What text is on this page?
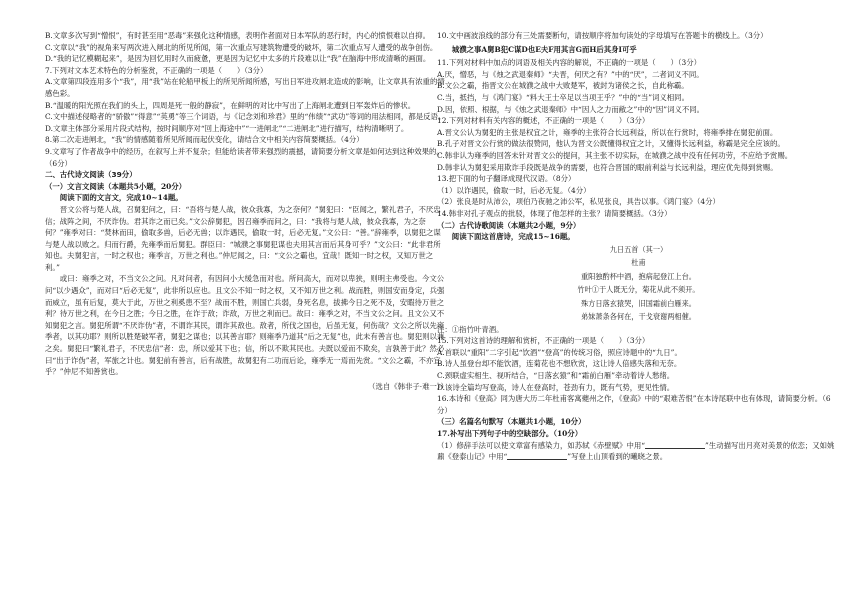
B.文章多次写到“憎恨”，有时甚至用“恶毒”来强化这种情感，表明作者面对日本军队的恶行时，内心的愤恨难以自抑。

C.文章以“我”的视角来写两次进入闸北的所见所闻，第一次重点写建筑物遭受的破坏，第二次重点写人遭受的战争创伤。

D.“我的记忆模糊起来”，是因为回忆用时久而疲惫，更是因为记忆中太多的片段难以让“我”在脑海中形成清晰的画面。

7.下列对文本艺术特色的分析鉴赏，不正确的一项是（　　）（3分）

A.文章第四段连用多个“我”，用“我”站在轮船甲板上的所见所闻所感，写出日军进攻闸北造成的影响，让文章具有浓重的情感色彩。

B.“温暖的阳光照在我们的头上，四周是死一般的静寂”，在鲜明的对比中写出了上海闸北遭到日军轰炸后的惨状。

C.文中描述侵略者的“骄傲”“得意”“英勇”等三个词语，与《记念刘和珍君》里的“伟绩”“武功”等词的用法相同，都是反语。

D.文章主体部分采用片段式结构，按时间顺序对“回上海途中”“一进闸北”“二进闸北”进行描写，结构清晰明了。

8.第二次走进闸北，“我”的情感随着所见所闻而起伏变化，请结合文中相关内容简要概括。（4分）

9.文章写了作者战争中的经历，在叙写上并不复杂；但能给读者带来强烈的震撼，请简要分析文章是如何达到这种效果的。（6分）

二、古代诗文阅读（39分）

（一）文言文阅读（本题共5小题，20分）

阅读下面的文言文，完成10~14题。

晋文公将与楚人战，召舅犯问之，曰：“吾将与楚人战，彼众我寡，为之奈何？”舅犯曰：“臣闻之，繁礼君子，不厌忠信；战阵之间，不厌诈伪。君其诈之而已矣。”文公辞舅犯，因召雍季而问之，曰：“我将与楚人战，彼众我寡，为之奈何？”雍季对曰：“焚林而田，偷取多兽，后必无兽；以诈遇民，偷取一时，后必无复。”文公曰：“善。”辞雍季，以舅犯之谋与楚人战以败之。归而行爵，先雍季而后舅犯。群臣曰：“城濮之事舅犯谋也夫用其言而后其身可乎？”文公曰：“此非君所知也。夫舅犯言，一时之权也；雍季言，万世之利也。”仲尼闻之，曰：“文公之霸也，宜哉！既知一时之权，又知万世之利。”

或曰：雍季之对，不当文公之问。凡对问者，有因问小大缓急而对也。所问高大，而对以卑狭，则明主弗受也。今文公问“以少遇众”，而对曰“后必无复”，此非所以应也。且文公不知一时之权，又不知万世之利。战而胜，则国安而身定，兵强而威立，虽有后复，莫大于此，万世之利奚患不至？战而不胜，则国亡兵弱，身死名息，拔拂今日之死不及，安暇待万世之利？待万世之利，在今日之胜；今日之胜，在诈于敌；诈敌，万世之利而已。故曰：雍季之对，不当文公之问。且文公又不知舅犯之言。舅犯所谓“不厌诈伪”者，不谓诈其民，谓诈其敌也。敌者，所伐之国也，后虽无复，何伤哉？文公之所以先雍季者，以其功耶？则所以胜楚破军者，舅犯之谋也；以其善言耶？则雍季乃道其“后之无复”也，此未有善言也。舅犯则以兼之矣。舅犯曰“繁礼君子，不厌忠信”者：忠，所以爱其下也；信，所以不欺其民也。夫既以爱而不欺矣，言孰善于此？然必曰“出于诈伪”者，军旅之计也。舅犯前有善言，后有战胜，故舅犯有二功而后论，雍季无一焉而先赏。“文公之霸，不亦宜乎？”仲尼不知善赏也。

（选自《韩非子·难一》）

10.文中画波浪线的部分有三处需要断句，请按顺序将加句读处的字母填写在答题卡的横线上。（3分）

城濮之事A舅B犯C谋D也E夫F用其言G而H后其身I可乎

11.下列对材料中加点的词语及相关内容的解说，不正确的一项是（　　）（3分）

A.厌，憎恶，与《烛之武退秦师》“夫晋，何厌之有？”中的“厌”，二者词义不同。

B.文公之霸，指晋文公在城濮之战中大败楚军，被封为诸侯之长，自此称霸。

C.当，抵挡，与《鸿门宴》“料大王士卒足以当项王乎？”中的“当”词义相同。

D.因，依照、根据，与《烛之武退秦师》中“因人之力而敝之”中的“因”词义不同。

12.下列对材料有关内容的概述，不正确的一项是（　　）（3分）

A.晋文公认为舅犯的主张是权宜之计，雍季的主张符合长远利益，所以在行赏时，将雍季排在舅犯前面。

B.孔子对晋文公行赏的做法很赞同，他认为晋文公既懂得权宜之计，又懂得长远利益，称霸是完全应该的。

C.韩非认为雍季的回答未针对晋文公的提问，其主张不切实际，在城濮之战中没有任何功劳，不应给予赏赐。

D.韩非认为舅犯采用欺诈手段既是战争的需要，也符合晋国的眼前利益与长远利益，理应优先得到赏赐。

13.把下面的句子翻译成现代汉语。（8分）

（1）以诈遇民，偷取一时，后必无复。（4分）

（2）张良是时从沛公，项伯乃夜驰之沛公军，私见张良，具告以事。《鸿门宴》（4分）

14.韩非对孔子观点的批驳，体现了他怎样的主张？请简要概括。（3分）

（二）古代诗歌阅读（本题共2小题，9分）

阅读下面这首唐诗，完成15~16题。

九日五首（其一）
杜甫
重阳独酌杯中酒，抱病起登江上台。
竹叶①于人既无分，菊花从此不须开。
殊方日落玄猿哭，旧国霜前白雁来。
弟妹萧条各何在，干戈衰谢两相催。

注：①指竹叶青酒。

15.下列对这首诗的理解和赏析，不正确的一项是（　　）（3分）

A.首联以“重阳”二字引起“饮酒”“登高”的传统习俗，照应诗题中的“九日”。

B.诗人虽登台却不能饮酒，连菊花也不想欣赏，这让诗人倍感失落和无奈。

C.颈联虚实相生、视听结合，“日落玄猿”和“霜前白雁”牵动着诗人愁绪。

D.该诗全篇均写登高，诗人在登高时，苍劲有力，既有气势，更见性情。

16.本诗和《登高》同为唐大历二年杜甫客寓夔州之作，《登高》中的“艰难苦恨”在本诗尾联中也有体现，请简要分析。（6分）

（三）名篇名句默写（本题共1小题，10分）

17.补写出下列句子中的空缺部分。（10分）

（1）修辞手法可以使文章富有感染力，如苏轼《赤壁赋》中用“	”生动描写出月亮对美景的依恋；又如姚鼐《登泰山记》中用“	”写登上山顶看到的曦晓之景。
